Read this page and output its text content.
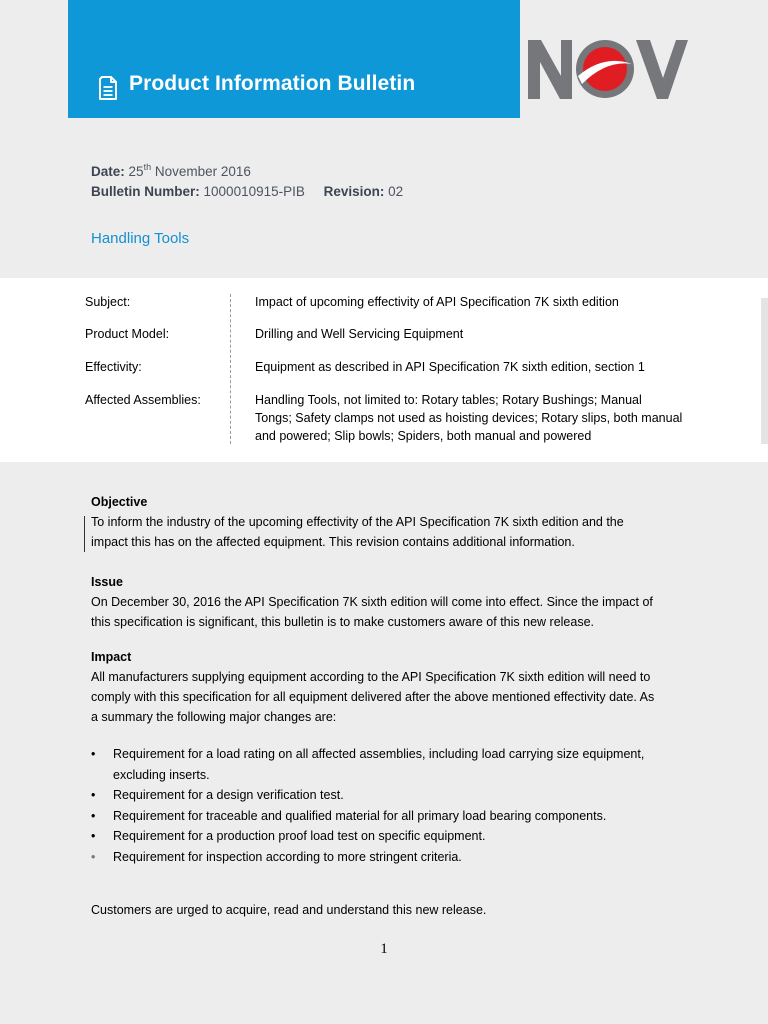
Product Information Bulletin
Date: 25th November 2016
Bulletin Number: 1000010915-PIB Revision: 02
Handling Tools
Subject:	Impact of upcoming effectivity of API Specification 7K sixth edition
Product Model:	Drilling and Well Servicing Equipment
Effectivity:	Equipment as described in API Specification 7K sixth edition, section 1
Affected Assemblies:	Handling Tools, not limited to: Rotary tables; Rotary Bushings; Manual
Tongs; Safety clamps not used as hoisting devices; Rotary slips, both manual
and powered; Slip bowls; Spiders, both manual and powered
Objective
To inform the industry of the upcoming effectivity of the API Specification 7K sixth edition and the
impact this has on the affected equipment. This revision contains additional information.
Issue
On December 30, 2016 the API Specification 7K sixth edition will come into effect. Since the impact of
this specification is significant, this bulletin is to make customers aware of this new release.
Impact
All manufacturers supplying equipment according to the API Specification 7K sixth edition will need to
comply with this specification for all equipment delivered after the above mentioned effectivity date. As
a summary the following major changes are:
• Requirement for a load rating on all affected assemblies, including load carrying size equipment,
excluding inserts.
• Requirement for a design verification test.
• Requirement for traceable and qualified material for all primary load bearing components.
• Requirement for a production proof load test on specific equipment.
• Requirement for inspection according to more stringent criteria.
Customers are urged to acquire, read and understand this new release.
1
